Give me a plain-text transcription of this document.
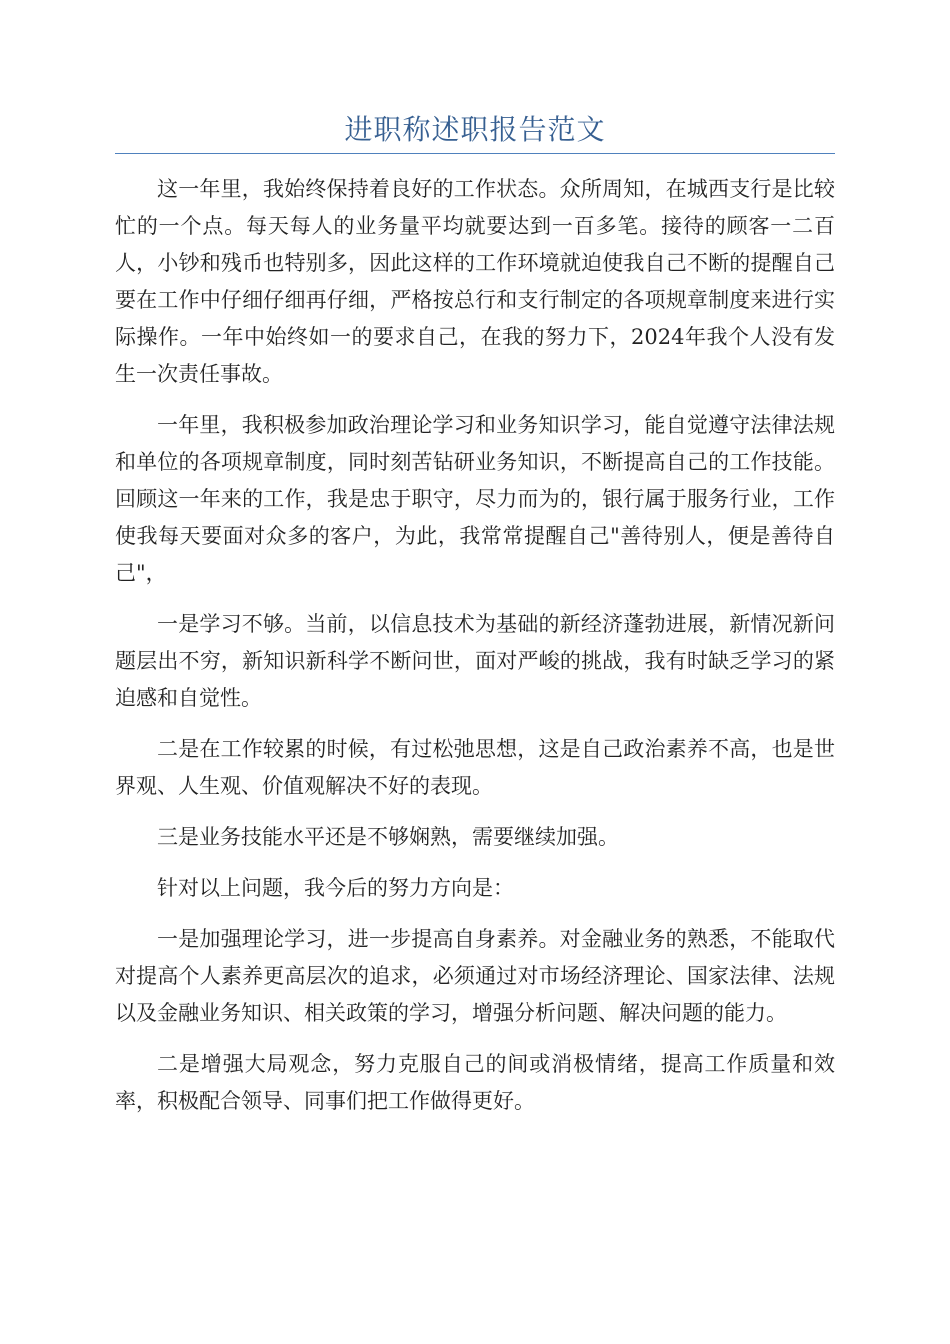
进职称述职报告范文

这一年里，我始终保持着良好的工作状态。众所周知，在城西支行是比较忙的一个点。每天每人的业务量平均就要达到一百多笔。接待的顾客一二百人，小钞和残币也特别多，因此这样的工作环境就迫使我自己不断的提醒自己要在工作中仔细仔细再仔细，严格按总行和支行制定的各项规章制度来进行实际操作。一年中始终如一的要求自己，在我的努力下，2024年我个人没有发生一次责任事故。

一年里，我积极参加政治理论学习和业务知识学习，能自觉遵守法律法规和单位的各项规章制度，同时刻苦钻研业务知识，不断提高自己的工作技能。回顾这一年来的工作，我是忠于职守，尽力而为的，银行属于服务行业，工作使我每天要面对众多的客户，为此，我常常提醒自己"善待别人，便是善待自己"，

一是学习不够。当前，以信息技术为基础的新经济蓬勃进展，新情况新问题层出不穷，新知识新科学不断问世，面对严峻的挑战，我有时缺乏学习的紧迫感和自觉性。

二是在工作较累的时候，有过松弛思想，这是自己政治素养不高，也是世界观、人生观、价值观解决不好的表现。

三是业务技能水平还是不够娴熟，需要继续加强。

针对以上问题，我今后的努力方向是：

一是加强理论学习，进一步提高自身素养。对金融业务的熟悉，不能取代对提高个人素养更高层次的追求，必须通过对市场经济理论、国家法律、法规以及金融业务知识、相关政策的学习，增强分析问题、解决问题的能力。

二是增强大局观念，努力克服自己的间或消极情绪，提高工作质量和效率，积极配合领导、同事们把工作做得更好。
